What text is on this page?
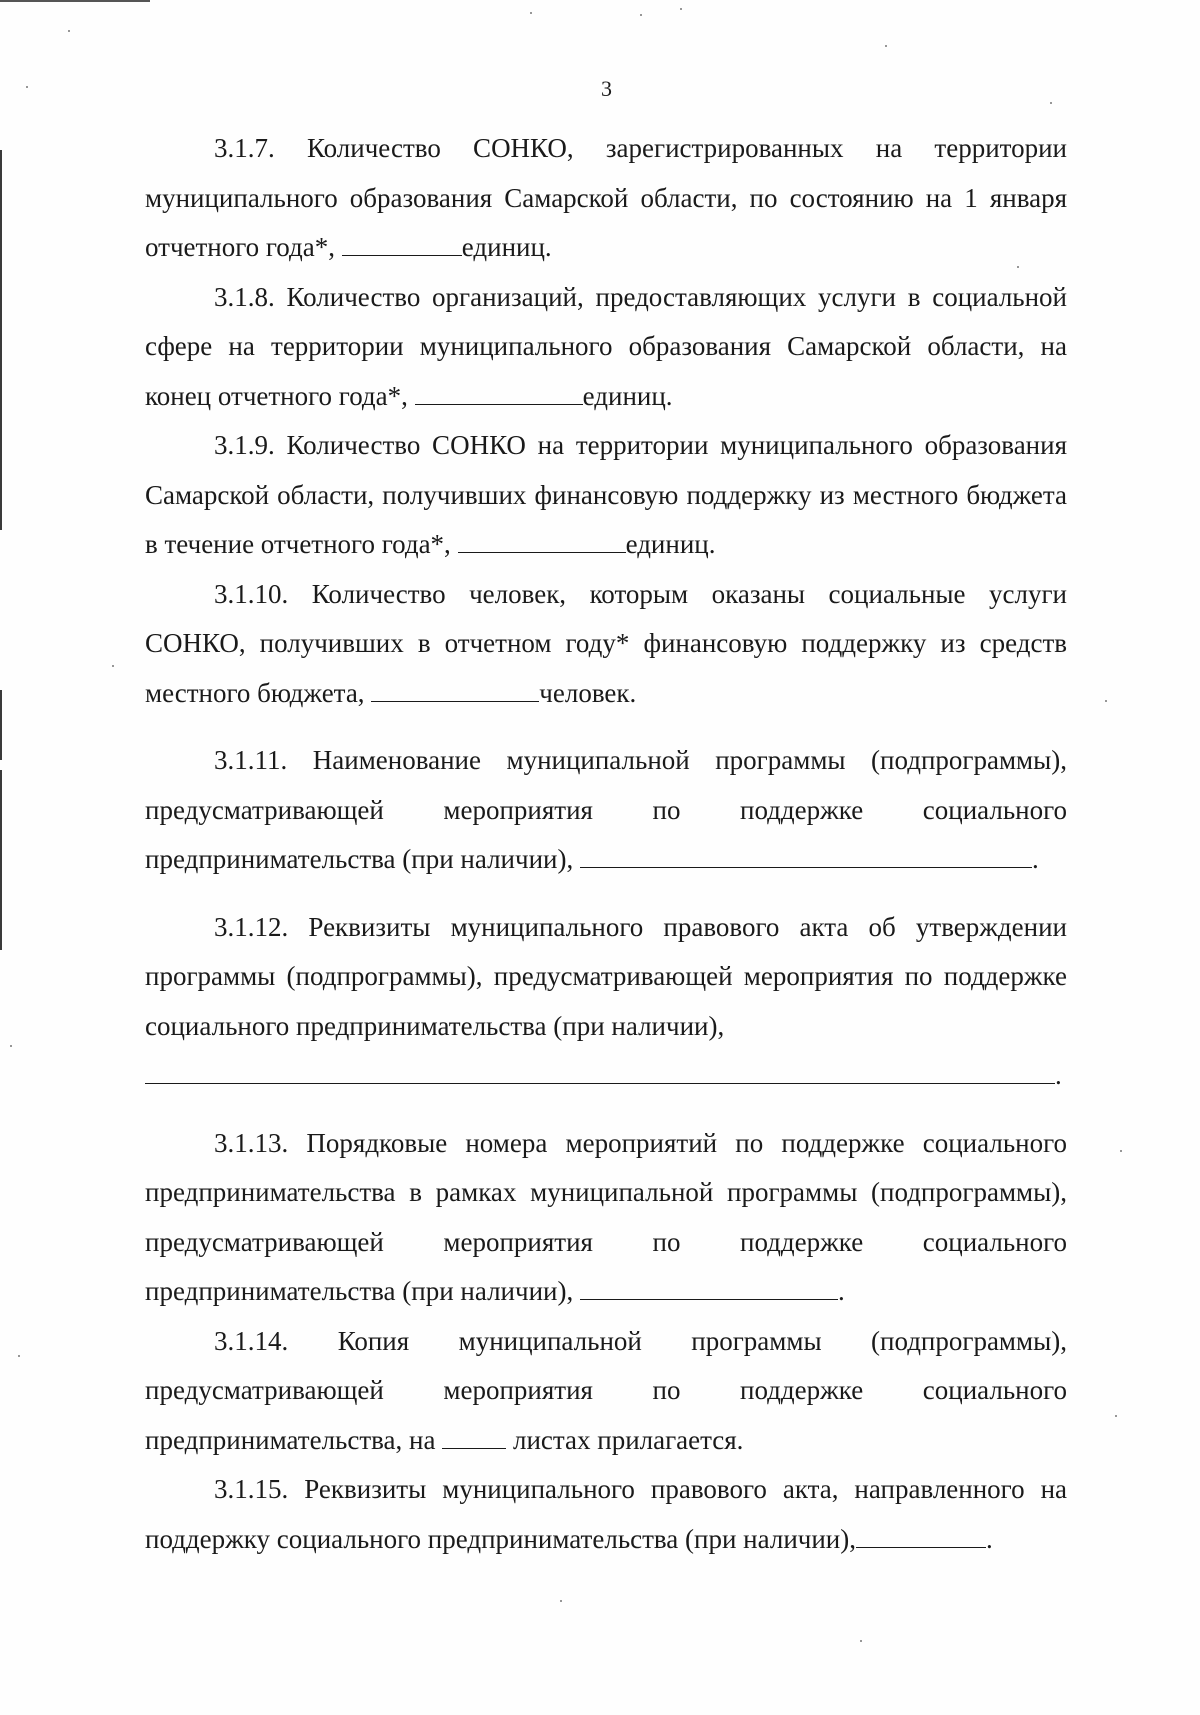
3

3.1.7. Количество СОНКО, зарегистрированных на территории муниципального образования Самарской области, по состоянию на 1 января отчетного года*,	единиц.

3.1.8. Количество организаций, предоставляющих услуги в социальной сфере на территории муниципального образования Самарской области, на конец отчетного года*,	единиц.

3.1.9. Количество СОНКО на территории муниципального образования Самарской области, получивших финансовую поддержку из местного бюджета в течение отчетного года*,	единиц.

3.1.10. Количество человек, которым оказаны социальные услуги СОНКО, получивших в отчетном году* финансовую поддержку из средств местного бюджета,	человек.

3.1.11. Наименование муниципальной программы (подпрограммы), предусматривающей мероприятия по поддержке социального предпринимательства (при наличии),	.

3.1.12. Реквизиты муниципального правового акта об утверждении программы (подпрограммы), предусматривающей мероприятия по поддержке социального предпринимательства (при наличии),

.

3.1.13. Порядковые номера мероприятий по поддержке социального предпринимательства в рамках муниципальной программы (подпрограммы), предусматривающей мероприятия по поддержке социального предпринимательства (при наличии),	.

3.1.14. Копия муниципальной программы (подпрограммы), предусматривающей мероприятия по поддержке социального предпринимательства, на	листах прилагается.

3.1.15. Реквизиты муниципального правового акта, направленного на поддержку социального предпринимательства (при наличии),	.
